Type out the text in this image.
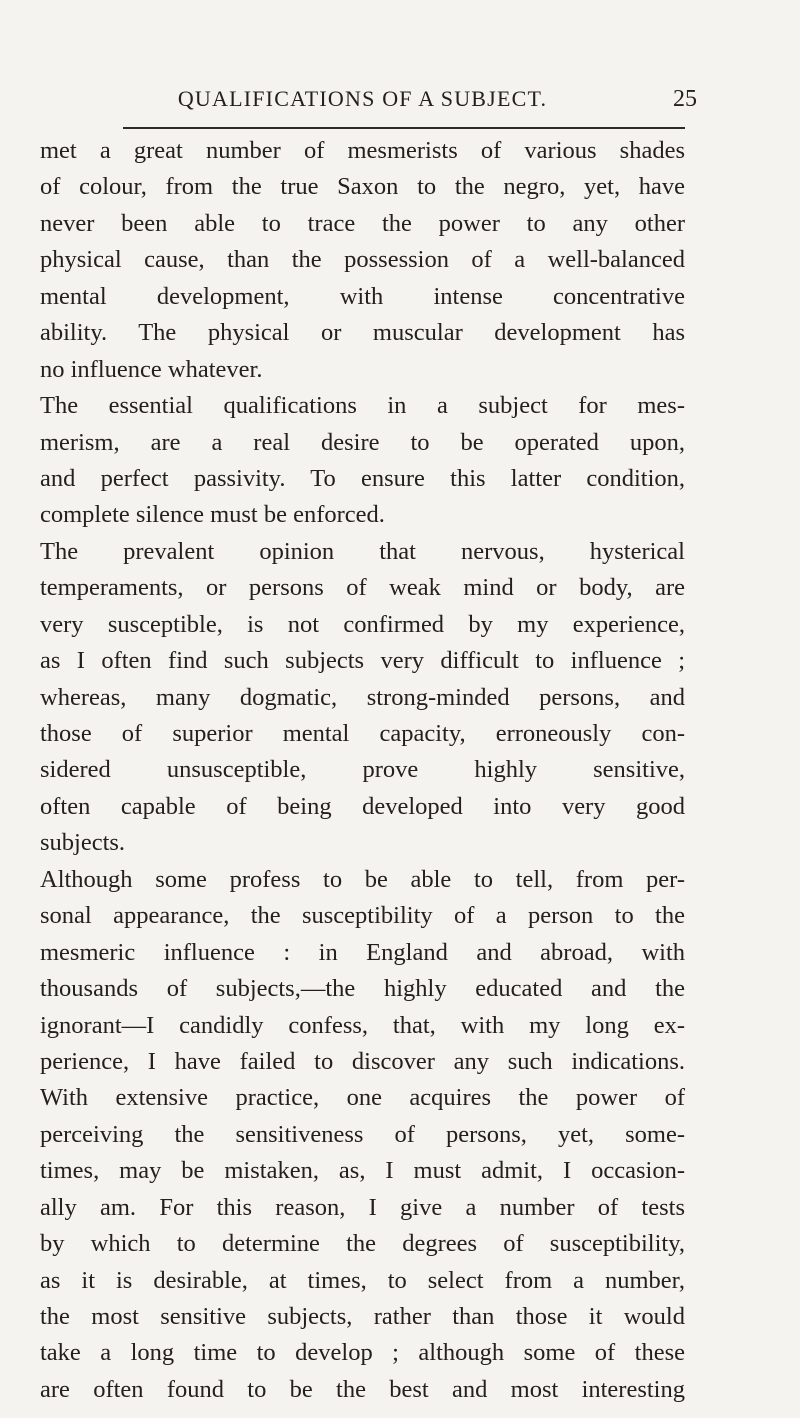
QUALIFICATIONS OF A SUBJECT.	25
met a great number of mesmerists of various shades
of colour, from the true Saxon to the negro, yet, have
never been able to trace the power to any other
physical cause, than the possession of a well-balanced
mental development, with intense concentrative
ability. The physical or muscular development has
no influence whatever.
The essential qualifications in a subject for mes-
merism, are a real desire to be operated upon,
and perfect passivity. To ensure this latter condition,
complete silence must be enforced.
The prevalent opinion that nervous, hysterical
temperaments, or persons of weak mind or body, are
very susceptible, is not confirmed by my experience,
as I often find such subjects very difficult to influence ;
whereas, many dogmatic, strong-minded persons, and
those of superior mental capacity, erroneously con-
sidered unsusceptible, prove highly sensitive,
often capable of being developed into very good
subjects.
Although some profess to be able to tell, from per-
sonal appearance, the susceptibility of a person to the
mesmeric influence : in England and abroad, with
thousands of subjects,—the highly educated and the
ignorant—I candidly confess, that, with my long ex-
perience, I have failed to discover any such indications.
With extensive practice, one acquires the power of
perceiving the sensitiveness of persons, yet, some-
times, may be mistaken, as, I must admit, I occasion-
ally am. For this reason, I give a number of tests
by which to determine the degrees of susceptibility,
as it is desirable, at times, to select from a number,
the most sensitive subjects, rather than those it would
take a long time to develop ; although some of these
are often found to be the best and most interesting
